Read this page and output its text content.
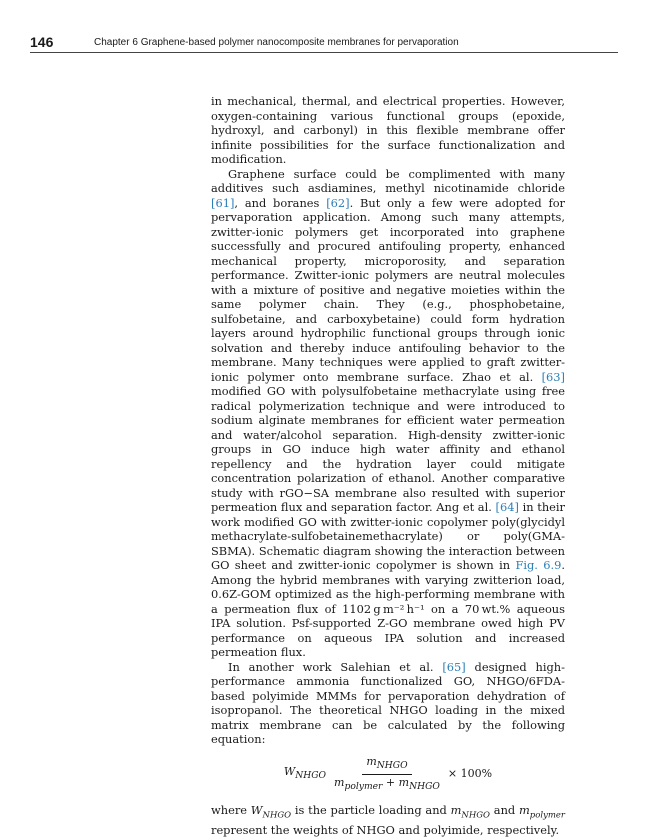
146	Chapter 6 Graphene-based polymer nanocomposite membranes for pervaporation

in mechanical, thermal, and electrical properties. However, oxygen-containing various functional groups (epoxide, hydroxyl, and carbonyl) in this flexible membrane offer infinite possibilities for the surface functionalization and modification.

Graphene surface could be complimented with many additives such asdiamines, methyl nicotinamide chloride [61], and boranes [62]. But only a few were adopted for pervaporation application. Among such many attempts, zwitter-ionic polymers get incorporated into graphene successfully and procured antifouling property, enhanced mechanical property, microporosity, and separation performance. Zwitter-ionic polymers are neutral molecules with a mixture of positive and negative moieties within the same polymer chain. They (e.g., phosphobetaine, sulfobetaine, and carboxybetaine) could form hydration layers around hydrophilic functional groups through ionic solvation and thereby induce antifouling behavior to the membrane. Many techniques were applied to graft zwitter-ionic polymer onto membrane surface. Zhao et al. [63] modified GO with polysulfobetaine methacrylate using free radical polymerization technique and were introduced to sodium alginate membranes for efficient water permeation and water/alcohol separation. High-density zwitter-ionic groups in GO induce high water affinity and ethanol repellency and the hydration layer could mitigate concentration polarization of ethanol. Another comparative study with rGO−SA membrane also resulted with superior permeation flux and separation factor. Ang et al. [64] in their work modified GO with zwitter-ionic copolymer poly(glycidyl methacrylate-sulfobetainemethacrylate) or poly(GMA-SBMA). Schematic diagram showing the interaction between GO sheet and zwitter-ionic copolymer is shown in Fig. 6.9. Among the hybrid membranes with varying zwitterion load, 0.6Z-GOM optimized as the high-performing membrane with a permeation flux of 1102 g m⁻² h⁻¹ on a 70 wt.% aqueous IPA solution. Psf-supported Z-GO membrane owed high PV performance on aqueous IPA solution and increased permeation flux.

In another work Salehian et al. [65] designed high-performance ammonia functionalized GO, NHGO/6FDA-based polyimide MMMs for pervaporation dehydration of isopropanol. The theoretical NHGO loading in the mixed matrix membrane can be calculated by the following equation:

$W_{NHGO} \frac{m_{NHGO}}{m_{polymer} + m_{NHGO}} \times 100\%$

where $W_{NHGO}$ is the particle loading and $m_{NHGO}$ and $m_{polymer}$ represent the weights of NHGO and polyimide, respectively.
